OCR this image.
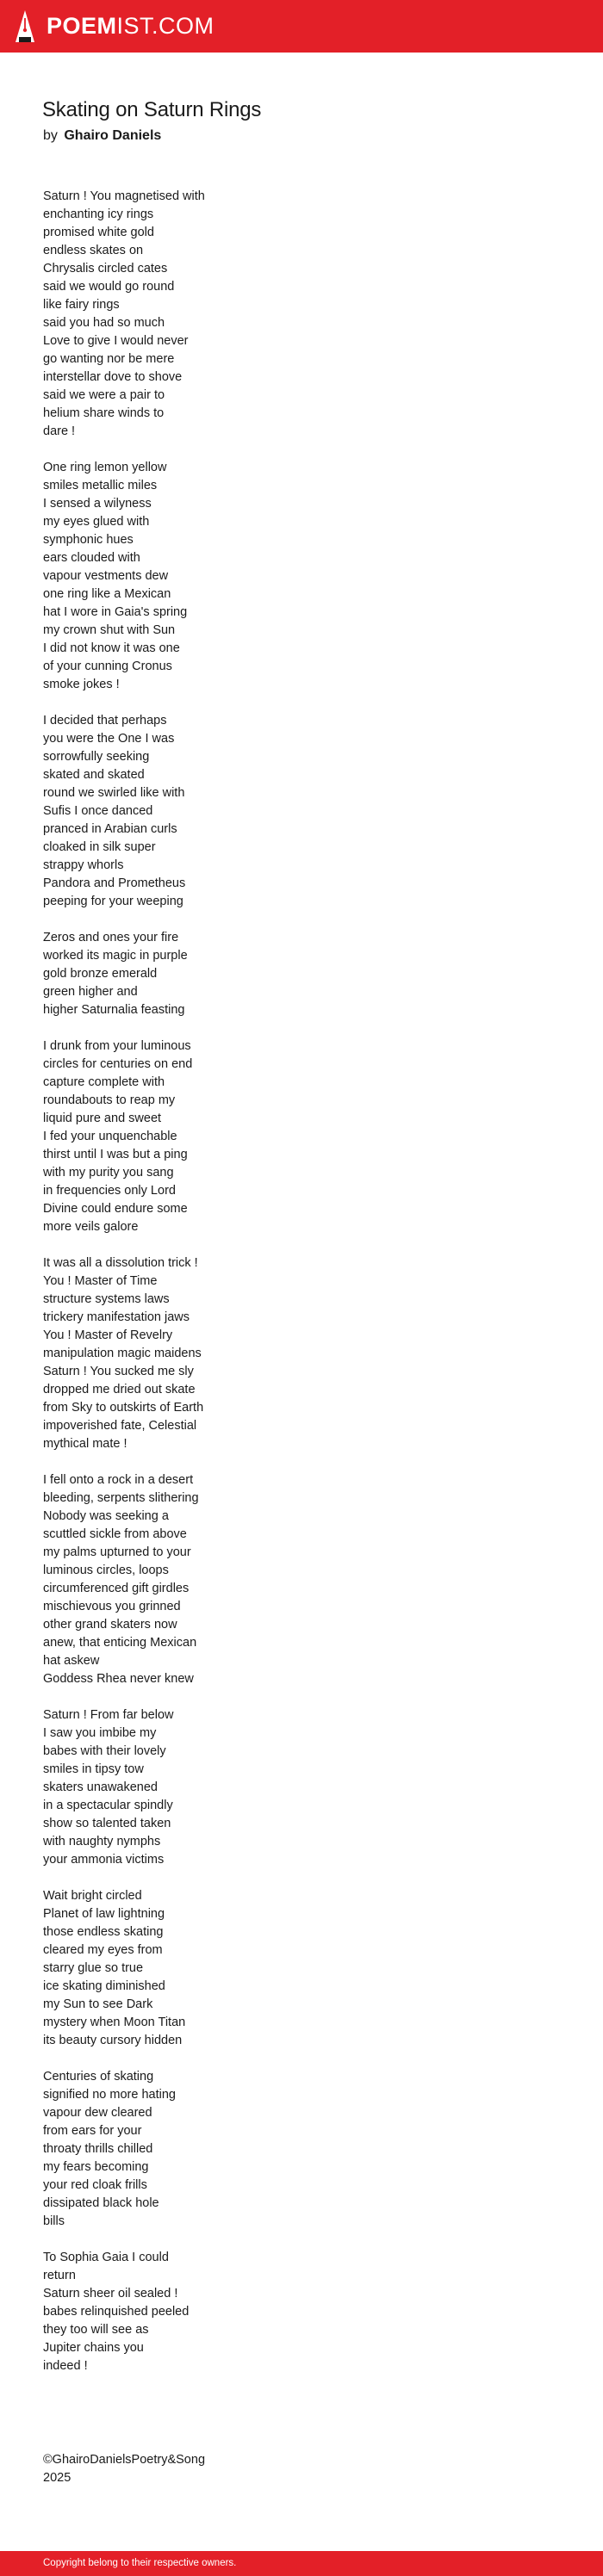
POEMIST.COM
Skating on Saturn Rings
by Ghairo Daniels
Saturn ! You magnetised with
enchanting icy rings
promised white gold
endless skates on
Chrysalis circled cates
said we would go round
like fairy rings
said you had so much
Love to give I would never
go wanting nor be mere
interstellar dove to shove
said we were a pair to
helium share winds to
dare !
One ring lemon yellow
smiles metallic miles
I sensed a wilyness
my eyes glued with
symphonic hues
ears clouded with
vapour vestments dew
one ring like a Mexican
hat I wore in Gaia's spring
my crown shut with Sun
I did not know it was one
of your cunning Cronus
smoke jokes !
I decided that perhaps
you were the One I was
sorrowfully seeking
skated and skated
round we swirled like with
Sufis I once danced
pranced in Arabian curls
cloaked in silk super
strappy whorls
Pandora and Prometheus
peeping for your weeping
Zeros and ones your fire
worked its magic in purple
gold bronze emerald
green higher and
higher Saturnalia feasting
I drunk from your luminous
circles for centuries on end
capture complete with
roundabouts to reap my
liquid pure and sweet
I fed your unquenchable
thirst until I was but a ping
with my purity you sang
in frequencies only Lord
Divine could endure some
more veils galore
It was all a dissolution trick !
You ! Master of Time
structure systems laws
trickery manifestation jaws
You ! Master of Revelry
manipulation magic maidens
Saturn ! You sucked me sly
dropped me dried out skate
from Sky to outskirts of Earth
impoverished fate, Celestial
mythical mate !
I fell onto a rock in a desert
bleeding, serpents slithering
Nobody was seeking a
scuttled sickle from above
my palms upturned to your
luminous circles, loops
circumferenced gift girdles
mischievous you grinned
other grand skaters now
anew, that enticing Mexican
hat askew
Goddess Rhea never knew
Saturn ! From far below
I saw you imbibe my
babes with their lovely
smiles in tipsy tow
skaters unawakened
in a spectacular spindly
show so talented taken
with naughty nymphs
your ammonia victims
Wait bright circled
Planet of law lightning
those endless skating
cleared my eyes from
starry glue so true
ice skating diminished
my Sun to see Dark
mystery when Moon Titan
its beauty cursory hidden
Centuries of skating
signified no more hating
vapour dew cleared
from ears for your
throaty thrills chilled
my fears becoming
your red cloak frills
dissipated black hole
bills
To Sophia Gaia I could
return
Saturn sheer oil sealed !
babes relinquished peeled
they too will see as
Jupiter chains you
indeed !
©GhairoDanielsPoetry&Song
2025
Copyright belong to their respective owners.
